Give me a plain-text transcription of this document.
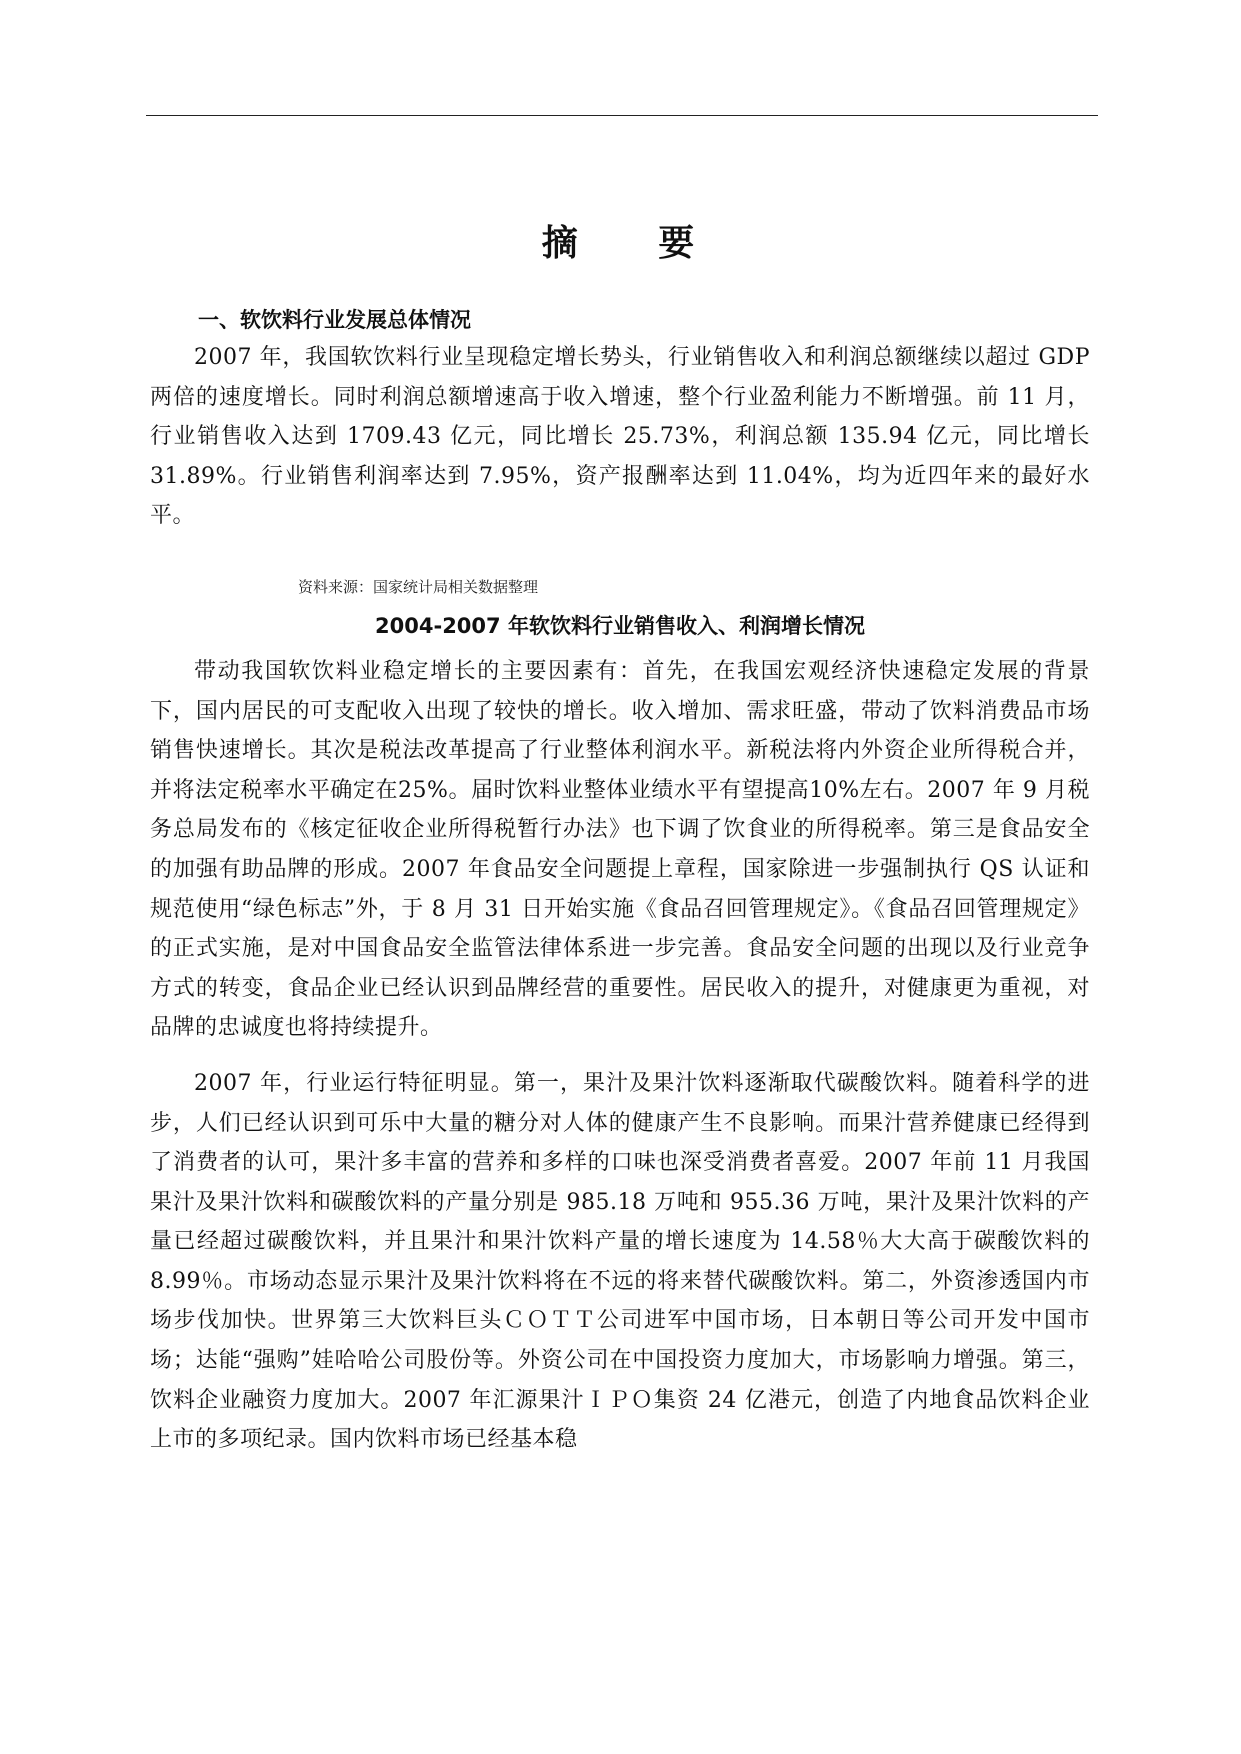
摘 要
一、软饮料行业发展总体情况

2007 年，我国软饮料行业呈现稳定增长势头，行业销售收入和利润总额继续以超过 GDP 两倍的速度增长。同时利润总额增速高于收入增速，整个行业盈利能力不断增强。前 11 月，行业销售收入达到 1709.43 亿元，同比增长 25.73%，利润总额 135.94 亿元，同比增长 31.89%。行业销售利润率达到 7.95%，资产报酬率达到 11.04%，均为近四年来的最好水平。

资料来源：国家统计局相关数据整理
2004-2007 年软饮料行业销售收入、利润增长情况

带动我国软饮料业稳定增长的主要因素有：首先，在我国宏观经济快速稳定发展的背景下，国内居民的可支配收入出现了较快的增长。收入增加、需求旺盛，带动了饮料消费品市场销售快速增长。其次是税法改革提高了行业整体利润水平。新税法将内外资企业所得税合并，并将法定税率水平确定在25%。届时饮料业整体业绩水平有望提高10%左右。2007 年 9 月税务总局发布的《核定征收企业所得税暂行办法》也下调了饮食业的所得税率。第三是食品安全的加强有助品牌的形成。2007 年食品安全问题提上章程，国家除进一步强制执行 QS 认证和规范使用“绿色标志”外，于 8 月 31 日开始实施《食品召回管理规定》。《食品召回管理规定》的正式实施，是对中国食品安全监管法律体系进一步完善。食品安全问题的出现以及行业竞争方式的转变，食品企业已经认识到品牌经营的重要性。居民收入的提升，对健康更为重视，对品牌的忠诚度也将持续提升。

2007 年，行业运行特征明显。第一，果汁及果汁饮料逐渐取代碳酸饮料。随着科学的进步，人们已经认识到可乐中大量的糖分对人体的健康产生不良影响。而果汁营养健康已经得到了消费者的认可，果汁多丰富的营养和多样的口味也深受消费者喜爱。2007 年前 11 月我国果汁及果汁饮料和碳酸饮料的产量分别是 985.18 万吨和 955.36 万吨，果汁及果汁饮料的产量已经超过碳酸饮料，并且果汁和果汁饮料产量的增长速度为 14.58％大大高于碳酸饮料的 8.99％。市场动态显示果汁及果汁饮料将在不远的将来替代碳酸饮料。第二，外资渗透国内市场步伐加快。世界第三大饮料巨头ＣＯＴＴ公司进军中国市场，日本朝日等公司开发中国市场；达能“强购”娃哈哈公司股份等。外资公司在中国投资力度加大，市场影响力增强。第三，饮料企业融资力度加大。2007 年汇源果汁ＩＰＯ集资 24 亿港元，创造了内地食品饮料企业上市的多项纪录。国内饮料市场已经基本稳
